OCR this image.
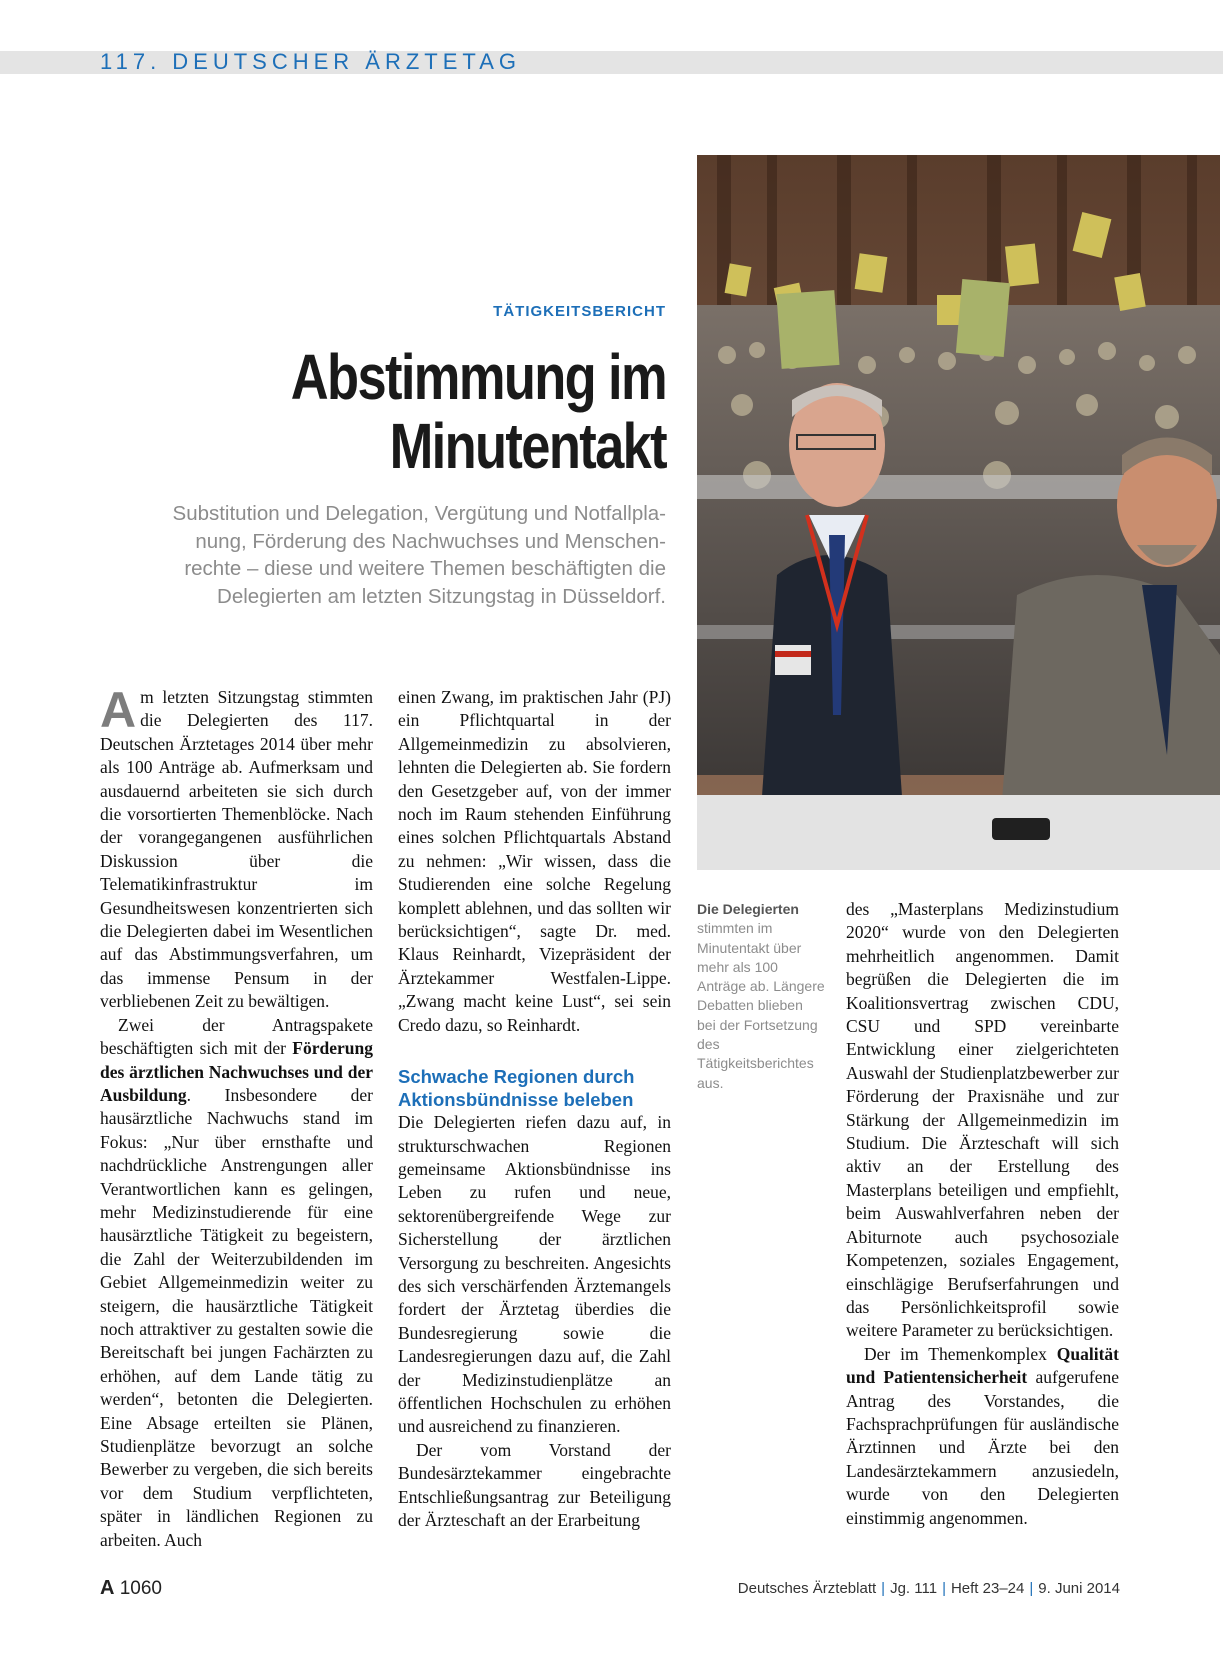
117. DEUTSCHER ÄRZTETAG
TÄTIGKEITSBERICHT
Abstimmung im
Minutentakt
Substitution und Delegation, Vergütung und Notfallpla-
nung, Förderung des Nachwuchses und Menschen-
rechte – diese und weitere Themen beschäftigten die
Delegierten am letzten Sitzungstag in Düsseldorf.

Am letzten Sitzungstag stimmten die Delegierten des 117. Deutschen Ärztetages 2014 über mehr als 100 Anträge ab. Aufmerksam und ausdauernd arbeiteten sie sich durch die vorsortierten Themenblöcke. Nach der vorangegangenen ausführlichen Diskussion über die Telematikinfrastruktur im Gesundheitswesen konzentrierten sich die Delegierten dabei im Wesentlichen auf das Abstimmungsverfahren, um das immense Pensum in der verbliebenen Zeit zu bewältigen.

Zwei der Antragspakete beschäftigten sich mit der Förderung des ärztlichen Nachwuchses und der Ausbildung. Insbesondere der hausärztliche Nachwuchs stand im Fokus: „Nur über ernsthafte und nachdrückliche Anstrengungen aller Verantwortlichen kann es gelingen, mehr Medizinstudierende für eine hausärztliche Tätigkeit zu begeistern, die Zahl der Weiterzubildenden im Gebiet Allgemeinmedizin weiter zu steigern, die hausärztliche Tätigkeit noch attraktiver zu gestalten sowie die Bereitschaft bei jungen Fachärzten zu erhöhen, auf dem Lande tätig zu werden“, betonten die Delegierten. Eine Absage erteilten sie Plänen, Studienplätze bevorzugt an solche Bewerber zu vergeben, die sich bereits vor dem Studium verpflichteten, später in ländlichen Regionen zu arbeiten. Auch

einen Zwang, im praktischen Jahr (PJ) ein Pflichtquartal in der Allgemeinmedizin zu absolvieren, lehnten die Delegierten ab. Sie fordern den Gesetzgeber auf, von der immer noch im Raum stehenden Einführung eines solchen Pflichtquartals Abstand zu nehmen: „Wir wissen, dass die Studierenden eine solche Regelung komplett ablehnen, und das sollten wir berücksichtigen“, sagte Dr. med. Klaus Reinhardt, Vizepräsident der Ärztekammer Westfalen-Lippe. „Zwang macht keine Lust“, sei sein Credo dazu, so Reinhardt.

Schwache Regionen durch Aktionsbündnisse beleben

Die Delegierten riefen dazu auf, in strukturschwachen Regionen gemeinsame Aktionsbündnisse ins Leben zu rufen und neue, sektorenübergreifende Wege zur Sicherstellung der ärztlichen Versorgung zu beschreiten. Angesichts des sich verschärfenden Ärztemangels fordert der Ärztetag überdies die Bundesregierung sowie die Landesregierungen dazu auf, die Zahl der Medizinstudienplätze an öffentlichen Hochschulen zu erhöhen und ausreichend zu finanzieren.

Der vom Vorstand der Bundesärztekammer eingebrachte Entschließungsantrag zur Beteiligung der Ärzteschaft an der Erarbeitung

Die Delegierten stimmten im Minutentakt über mehr als 100 Anträge ab. Längere Debatten blieben bei der Fortsetzung des Tätigkeitsberichtes aus.

des „Masterplans Medizinstudium 2020“ wurde von den Delegierten mehrheitlich angenommen. Damit begrüßen die Delegierten die im Koalitionsvertrag zwischen CDU, CSU und SPD vereinbarte Entwicklung einer zielgerichteten Auswahl der Studienplatzbewerber zur Förderung der Praxisnähe und zur Stärkung der Allgemeinmedizin im Studium. Die Ärzteschaft will sich aktiv an der Erstellung des Masterplans beteiligen und empfiehlt, beim Auswahlverfahren neben der Abiturnote auch psychosoziale Kompetenzen, soziales Engagement, einschlägige Berufserfahrungen und das Persönlichkeitsprofil sowie weitere Parameter zu berücksichtigen.

Der im Themenkomplex Qualität und Patientensicherheit aufgerufene Antrag des Vorstandes, die Fachsprachprüfungen für ausländische Ärztinnen und Ärzte bei den Landesärztekammern anzusiedeln, wurde von den Delegierten einstimmig angenommen.

A 1060	Deutsches Ärzteblatt | Jg. 111 | Heft 23–24 | 9. Juni 2014
